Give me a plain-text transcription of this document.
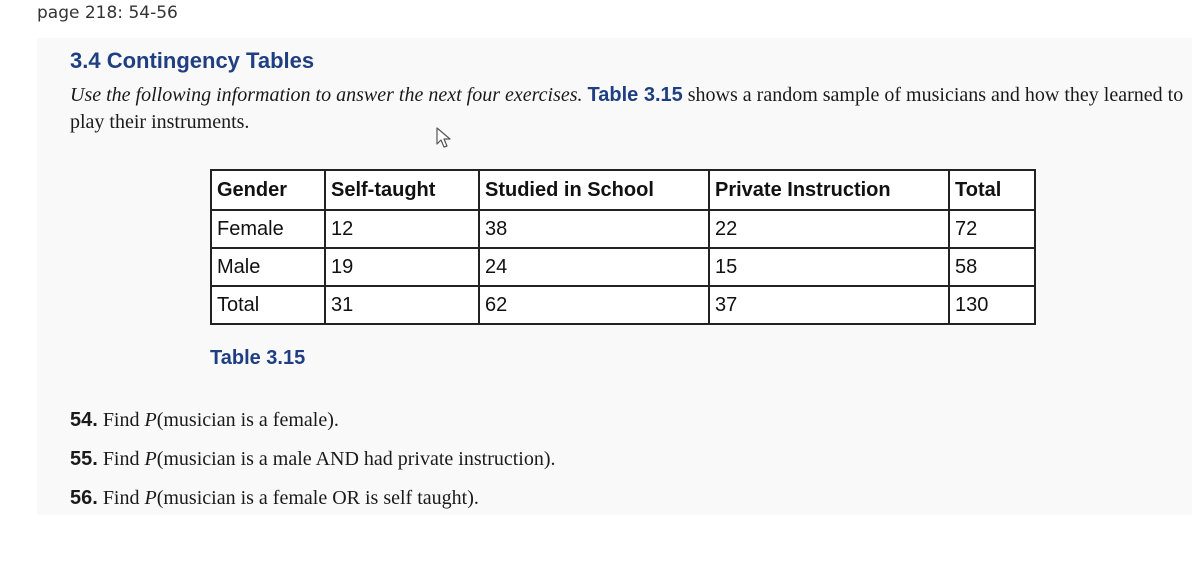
page 218: 54-56
3.4 Contingency Tables
Use the following information to answer the next four exercises. Table 3.15 shows a random sample of musicians and how they learned to play their instruments.
Gender	Self-taught	Studied in School	Private Instruction	Total
Female	12	38	22	72
Male	19	24	15	58
Total	31	62	37	130
Table 3.15
54. Find P(musician is a female).
55. Find P(musician is a male AND had private instruction).
56. Find P(musician is a female OR is self taught).
